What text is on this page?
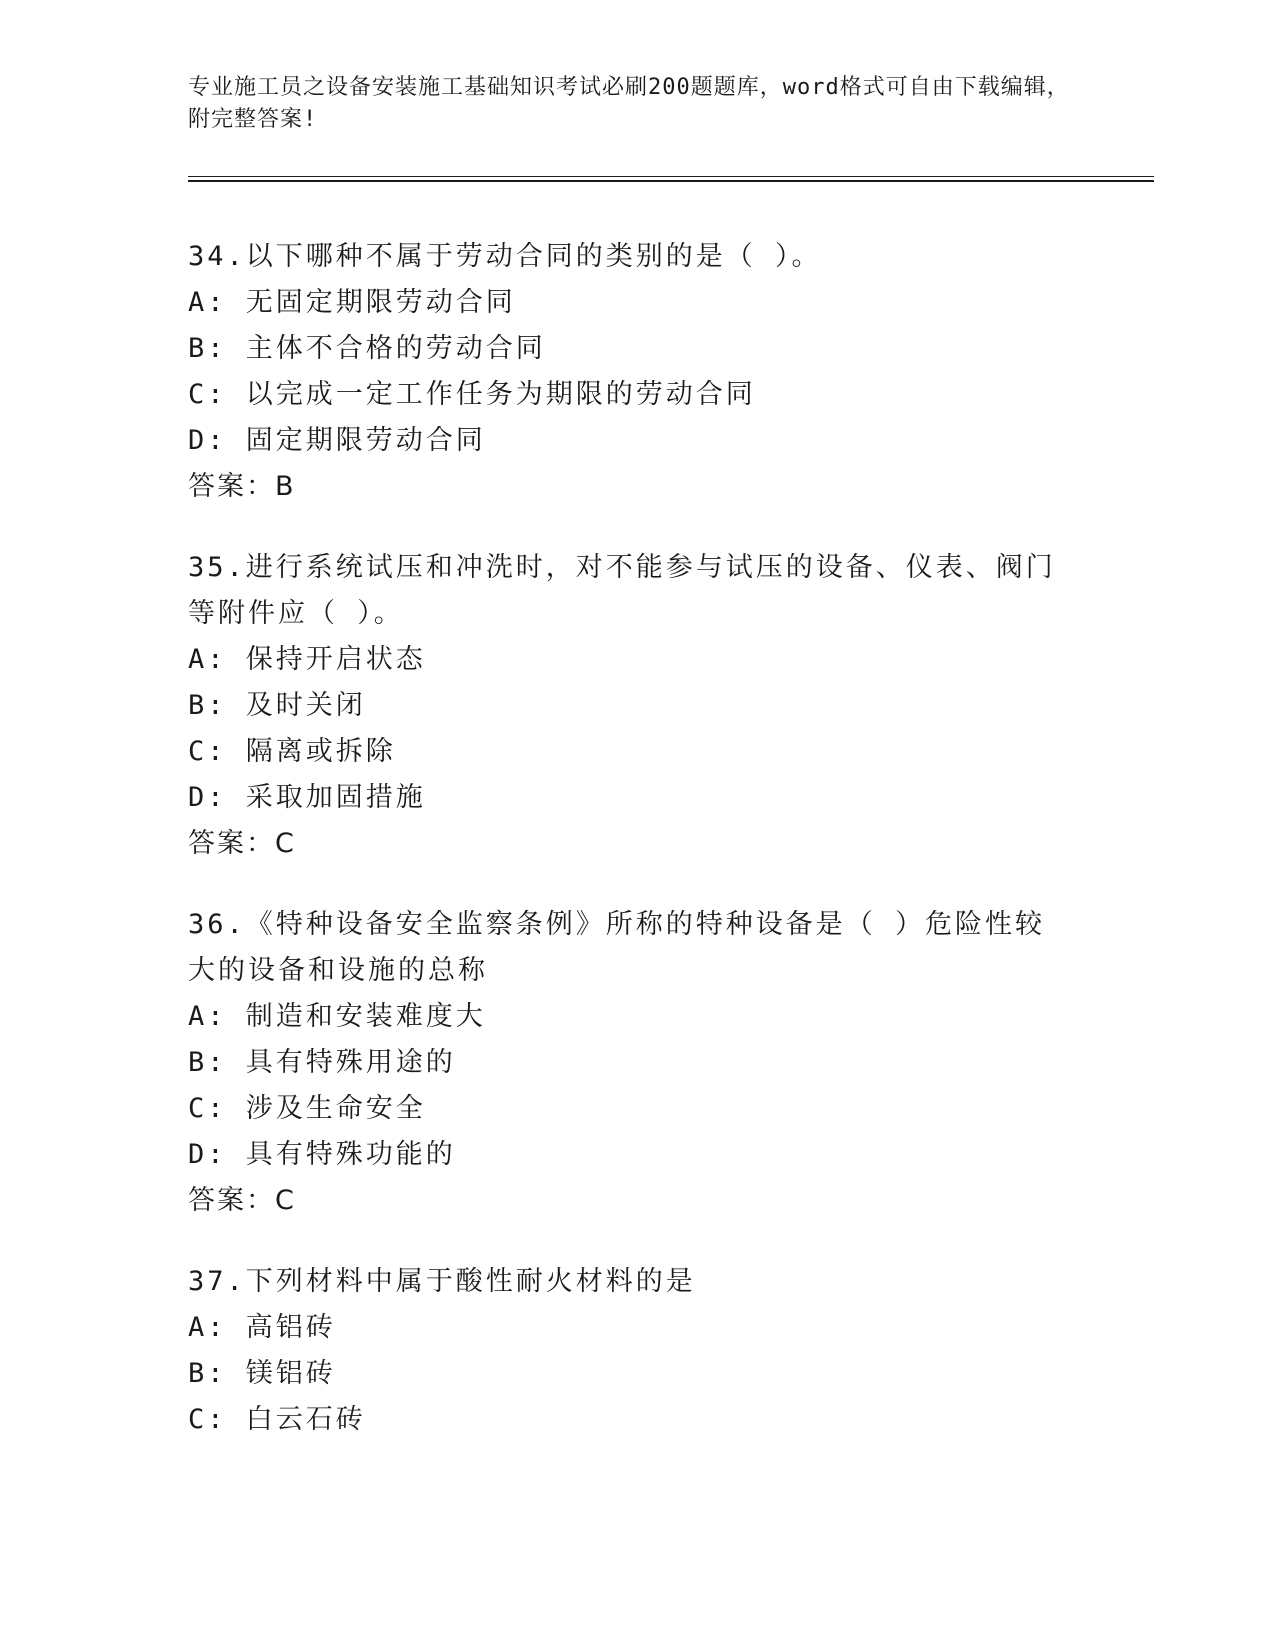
专业施工员之设备安装施工基础知识考试必刷200题题库，word格式可自由下载编辑，附完整答案!
34.以下哪种不属于劳动合同的类别的是（ ）。
A: 无固定期限劳动合同
B: 主体不合格的劳动合同
C: 以完成一定工作任务为期限的劳动合同
D: 固定期限劳动合同
答案：B
35.进行系统试压和冲洗时，对不能参与试压的设备、仪表、阀门等附件应（ ）。
A: 保持开启状态
B: 及时关闭
C: 隔离或拆除
D: 采取加固措施
答案：C
36.《特种设备安全监察条例》所称的特种设备是（ ）危险性较大的设备和设施的总称
A: 制造和安装难度大
B: 具有特殊用途的
C: 涉及生命安全
D: 具有特殊功能的
答案：C
37.下列材料中属于酸性耐火材料的是
A: 高铝砖
B: 镁铝砖
C: 白云石砖
